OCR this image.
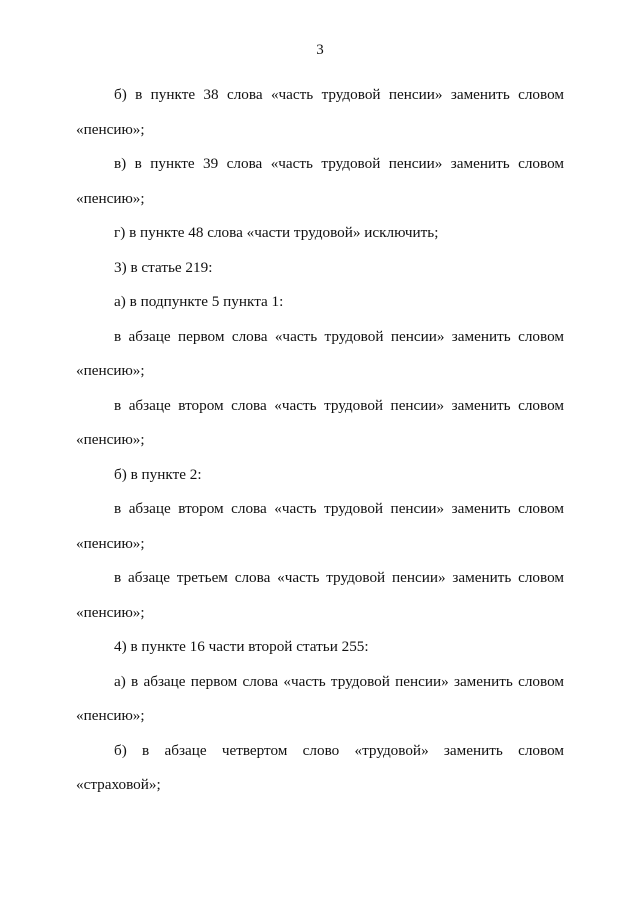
3

б) в пункте 38 слова «часть трудовой пенсии» заменить словом «пенсию»;

в) в пункте 39 слова «часть трудовой пенсии» заменить словом «пенсию»;

г) в пункте 48 слова «части трудовой» исключить;

3) в статье 219:

а) в подпункте 5 пункта 1:

в абзаце первом слова «часть трудовой пенсии» заменить словом «пенсию»;

в абзаце втором слова «часть трудовой пенсии» заменить словом «пенсию»;

б) в пункте 2:

в абзаце втором слова «часть трудовой пенсии» заменить словом «пенсию»;

в абзаце третьем слова «часть трудовой пенсии» заменить словом «пенсию»;

4) в пункте 16 части второй статьи 255:

а) в абзаце первом слова «часть трудовой пенсии» заменить словом «пенсию»;

б) в абзаце четвертом слово «трудовой» заменить словом «страховой»;
